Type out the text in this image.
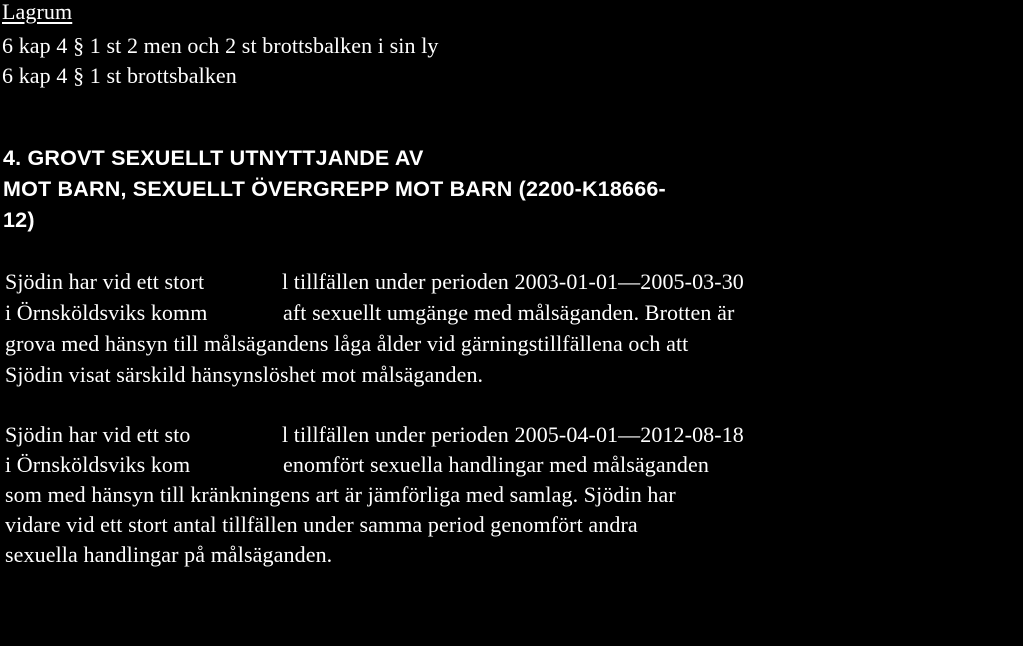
Lagrum
6 kap 4 § 1 st 2 men och 2 st brottsbalken i sin ly
6 kap 4 § 1 st brottsbalken
4. GROVT SEXUELLT UTNYTTJANDE AV
MOT BARN, SEXUELLT ÖVERGREPP MOT BARN (2200-K18666-
12)
Sjödin har vid ett stort	l tillfällen under perioden 2003-01-01—2005-03-30
i Örnsköldsviks komm	aft sexuellt umgänge med målsäganden. Brotten är
grova med hänsyn till målsägandens låga ålder vid gärningstillfällena och att
Sjödin visat särskild hänsynslöshet mot målsäganden.
Sjödin har vid ett sto	l tillfällen under perioden 2005-04-01—2012-08-18
i Örnsköldsviks kom	enomfört sexuella handlingar med målsäganden
som med hänsyn till kränkningens art är jämförliga med samlag. Sjödin har
vidare vid ett stort antal tillfällen under samma period genomfört andra
sexuella handlingar på målsäganden.
